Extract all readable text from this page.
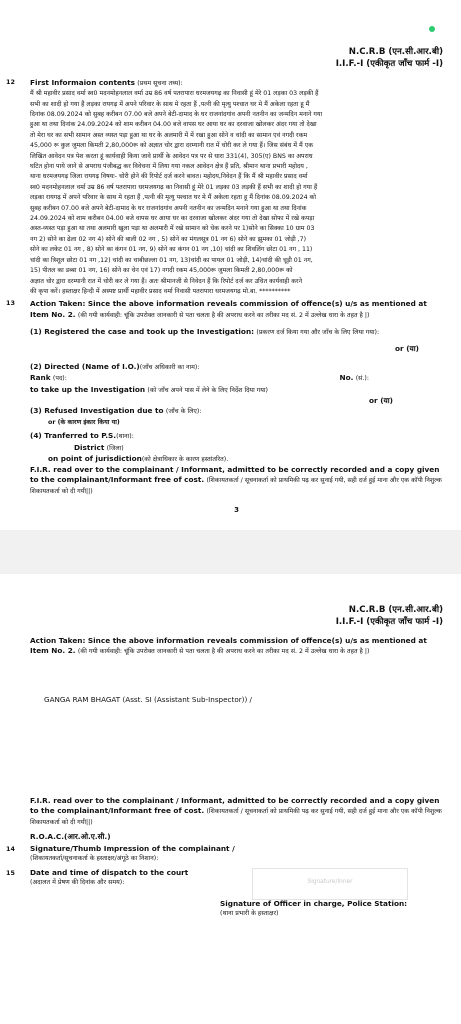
N.C.R.B (एन.सी.आर.बी)
I.I.F.-I (एकीकृत जाँच फार्म -I)
12 First Informaion contents (प्रथम सूचना तथ्य):
मैं श्री महावीर प्रसाद वर्मा स्व0 मदनमोहनलाल वर्मा उम्र 86 वर्ष पतरापारा धरमजयगढ़ का निवासी हूं मेरे 01 लड़का 03 लड़की हैं
सभी का शादी हो गया हैं लड़का रायगढ़ में अपने परिवार के साथ मे रहता हैं ,पत्नी की मृत्यु पश्चात घर मे मैं अकेला रहता हू मैं
दिनांक 08.09.2024 को सुबह करीबन 07.00 बजे अपने बेटी-दामाद के घर राजनांदगांव अपनी नतनीन का जन्मदिन मनाने गया
हुआ था तथा दिनांक 24.09.2024 को शाम करीबन 04.00 बजे वापस घर आया घर का दरवाजा खोलकर अंदर गया तो देखा
तो मेरा घर का सभी सामान अस्त व्यस्त पड़ा हुआ था घर के अलमारी में में रखा हुआ सोने व चांदी का सामान एवं नगदी रकम
45,000 रू कुल जुमला किमती 2,80,000रू को अज्ञात चोर द्वारा दरम्यानी रात में चोरी कर ले गया हैं। जिस संबंध में मैं एक
लिखित आवेदन पत्र पेश करता हूं कार्यवाही किया जावे प्रार्थी के आवेदन पत्र पर से धारा 331(4), 305(ए) BNS का अपराध
घटित होना पाये जाने से अपराध पंजीबद्ध कर विवेचना में लिया गया नकल आवेदन क्षेत्र हैं प्रति, श्रीमान थाना प्रभारी महोदय ,
थाना धरमजयगढ़ जिला रायगढ़ विषयः- चोरी होने की रिपोर्ट दर्ज करने बावत। महोदय,निवेदन हैं कि मैं श्री महावीर प्रसाद वर्मा
स्व0 मदनमोहनलाल वर्मा उम्र 86 वर्ष पतरापारा धरमजयगढ़ का निवासी हूं मेरे 01 लड़का 03 लड़की हैं सभी का शादी हो गया हैं
लड़का रायगढ़ में अपने परिवार के साथ मे रहता हैं ,पत्नी की मृत्यु पश्चात घर मे मैं अकेला रहता हू मैं दिनांक 08.09.2024 को
सुबह करीबन 07.00 बजे अपने बेटी-दामाद के घर राजनांदगांव अपनी नतनीन का जन्मदिन मनाने गया हुआ था तथा दिनांक
24.09.2024 को शाम करीबन 04.00 बजे वापस घर आया घर का दरवाजा खोलकर अंदर गया तो देखा सोफा में रखे कपड़ा
अस्त-व्यस्त पड़ा हुआ था तथा अलमारी खुला पड़ा था अलमारी में रखे सामान को चेक करने पर 1)सोने का सिक्का 10 ग्राम 03
नग 2) सोने का ढेला 02 नग 4) सोने की बाली 02 नग , 5) सोने का मंगलसूत्र 01 नग 6) सोने का झुमका 01 जोड़ी ,7)
सोने का लकेट 01 नग , 8) सोने का कंगन 01 नग, 9) सोने का कंगन 01 नग ,10) चांदी का शिवलिंग छोटा 01 नग , 11)
चांदी का त्रिशूल छोटा 01 नग ,12) चांदी का चाबीछल्ला 01 नग, 13)चांदी का पायल 01 जोड़ी, 14)चांदी की चूड़ी 01 नग,
15) पीतल का डब्बा 01 नग, 16) सोने का चेन एवं 17) नगदी रकम 45,000रू जुमला किमती 2,80,000रू को
अज्ञात चोर द्वारा दरम्यानी रात में चोरी कर ले गया हैं। अतः श्रीमानजी से निवेदन हैं कि रिपोर्ट दर्ज कर उचित कार्यवाही करने
की कृपा करें। हस्ताक्षर हिन्दी में अस्पष्ट प्रार्थी महावीर प्रसाद वर्मा निवासी पतरापारा धरमजयगढ़ मो.बा. **********
13 Action Taken: Since the above information reveals commission of offence(s) u/s as mentioned at Item No. 2. (की गयी कार्यवाही: चूंकि उपरोक्त जानकारी से पता चलता है की अपराध करने का तरीका मद सं. 2 में उल्लेख धारा के तहत है |)
(1) Registered the case and took up the Investigation: (प्रकरण दर्ज किया गया और जाँच के लिए लिया गया):
or (या)
(2) Directed (Name of I.O.)(जाँच अधिकारी का नाम):
Rank (पद):	No. (सं.):
to take up the Investigation (को जाँच अपने पास में लेने के लिए निर्देश दिया गया)
or (या)
(3) Refused Investigation due to (जाँच के लिए):
or (के कारण इंकार किया या)
(4) Tranferred to P.S.(थाना):
District (जिला)
on point of jurisdiction(को क्षेत्राधिकार के कारण हस्तांतरित).
F.I.R. read over to the complainant / Informant, admitted to be correctly recorded and a copy given to the complainant/Informant free of cost. (शिकायतकर्ता / सूचनाकर्ता को प्राथमिकी पढ़ कर सुनाई गयी, सही दर्ज हुई माना और एक कॉपी निशुल्क शिकायतकर्ता को दी गयी||)
3
N.C.R.B (एन.सी.आर.बी)
I.I.F.-I (एकीकृत जाँच फार्म -I)
Action Taken: Since the above information reveals commission of offence(s) u/s as mentioned at Item No. 2. (की गयी कार्यवाही: चूंकि उपरोक्त जानकारी से पता चलता है की अपराध करने का तरीका मद सं. 2 में उल्लेख धारा के तहत है |)
GANGA RAM BHAGAT (Asst. SI (Assistant Sub-Inspector)) /
F.I.R. read over to the complainant / Informant, admitted to be correctly recorded and a copy given to the complainant/Informant free of cost. (शिकायतकर्ता / सूचनाकर्ता को प्राथमिकी पढ़ कर सुनाई गयी, सही दर्ज हुई माना और एक कॉपी निशुल्क शिकायतकर्ता को दी गयी||)
R.O.A.C.(आर.ओ.ए.सी.)
14 Signature/Thumb Impression of the complainant /
(शिकायतकर्ता/सूचनाकर्ता के हस्ताक्षर/अंगूठे का निशान):
15 Date and time of dispatch to the court
(अदालत में प्रेषण की दिनांक और समय):	Signature/Inner
Signature of Officer in charge, Police Station:
(थाना प्रभारी के हस्ताक्षर)
